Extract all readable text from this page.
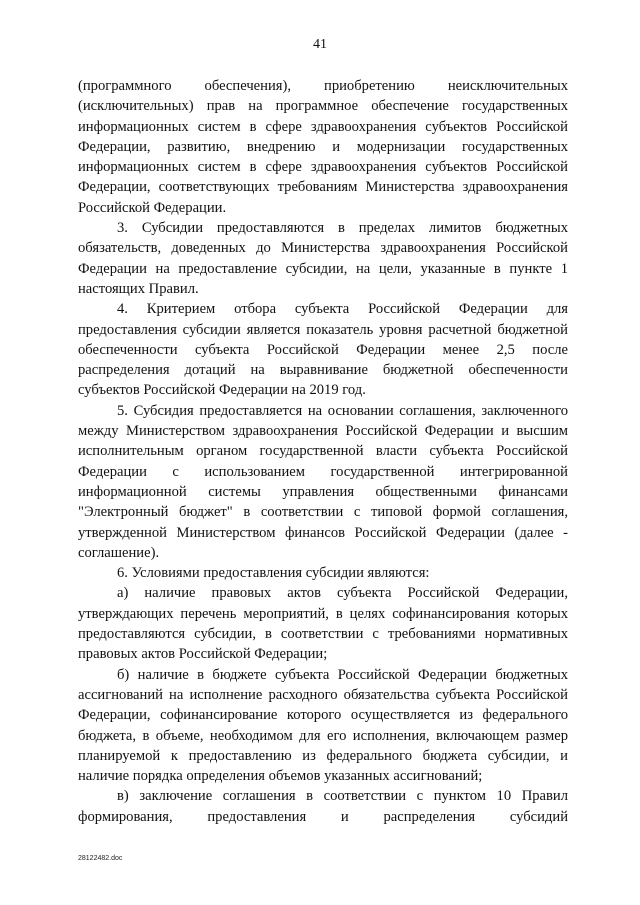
41

(программного обеспечения), приобретению неисключительных (исключительных) прав на программное обеспечение государственных информационных систем в сфере здравоохранения субъектов Российской Федерации, развитию, внедрению и модернизации государственных информационных систем в сфере здравоохранения субъектов Российской Федерации, соответствующих требованиям Министерства здравоохранения Российской Федерации.

3. Субсидии предоставляются в пределах лимитов бюджетных обязательств, доведенных до Министерства здравоохранения Российской Федерации на предоставление субсидии, на цели, указанные в пункте 1 настоящих Правил.

4. Критерием отбора субъекта Российской Федерации для предоставления субсидии является показатель уровня расчетной бюджетной обеспеченности субъекта Российской Федерации менее 2,5 после распределения дотаций на выравнивание бюджетной обеспеченности субъектов Российской Федерации на 2019 год.

5. Субсидия предоставляется на основании соглашения, заключенного между Министерством здравоохранения Российской Федерации и высшим исполнительным органом государственной власти субъекта Российской Федерации с использованием государственной интегрированной информационной системы управления общественными финансами "Электронный бюджет" в соответствии с типовой формой соглашения, утвержденной Министерством финансов Российской Федерации (далее - соглашение).

6. Условиями предоставления субсидии являются:

а) наличие правовых актов субъекта Российской Федерации, утверждающих перечень мероприятий, в целях софинансирования которых предоставляются субсидии, в соответствии с требованиями нормативных правовых актов Российской Федерации;

б) наличие в бюджете субъекта Российской Федерации бюджетных ассигнований на исполнение расходного обязательства субъекта Российской Федерации, софинансирование которого осуществляется из федерального бюджета, в объеме, необходимом для его исполнения, включающем размер планируемой к предоставлению из федерального бюджета субсидии, и наличие порядка определения объемов указанных ассигнований;

в) заключение соглашения в соответствии с пунктом 10 Правил формирования, предоставления и распределения субсидий

28122482.doc
